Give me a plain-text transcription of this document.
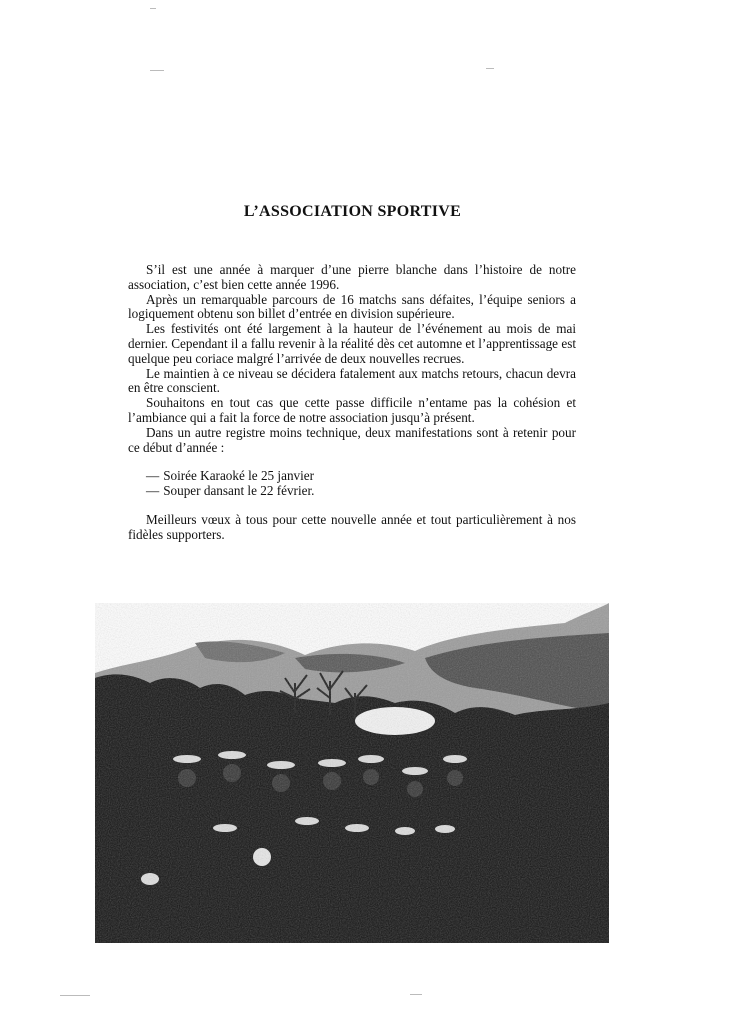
L’ASSOCIATION SPORTIVE

S’il est une année à marquer d’une pierre blanche dans l’histoire de notre association, c’est bien cette année 1996.

Après un remarquable parcours de 16 matchs sans défaites, l’équipe seniors a logiquement obtenu son billet d’entrée en division supérieure.

Les festivités ont été largement à la hauteur de l’événement au mois de mai dernier. Cependant il a fallu revenir à la réalité dès cet automne et l’apprentissage est quelque peu coriace malgré l’arrivée de deux nouvelles recrues.

Le maintien à ce niveau se décidera fatalement aux matchs retours, chacun devra en être conscient.

Souhaitons en tout cas que cette passe difficile n’entame pas la cohésion et l’ambiance qui a fait la force de notre association jusqu’à présent.

Dans un autre registre moins technique, deux manifestations sont à retenir pour ce début d’année :

— Soirée Karaoké le 25 janvier
— Souper dansant le 22 février.

Meilleurs vœux à tous pour cette nouvelle année et tout particulièrement à nos fidèles supporters.
